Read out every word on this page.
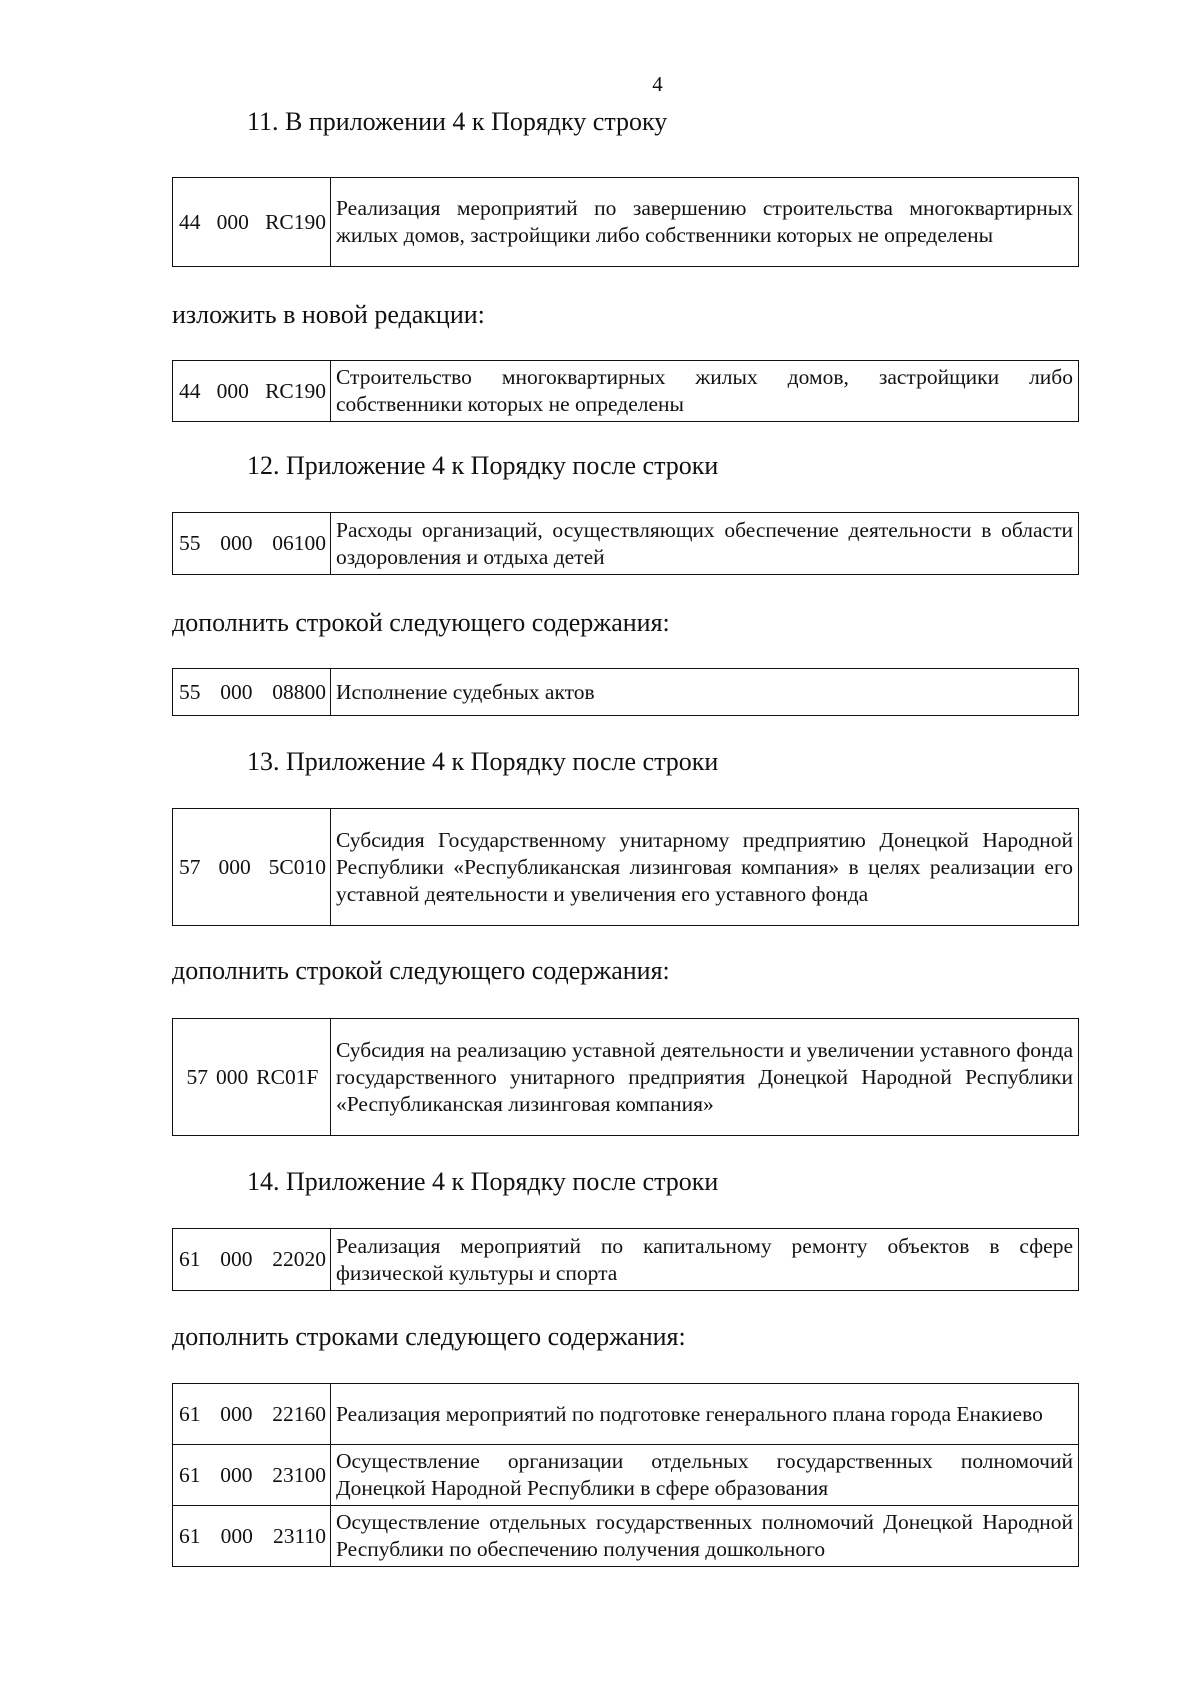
4
11. В приложении 4 к Порядку строку
44 000 RC190
	Реализация мероприятий по завершению строительства многоквартирных жилых домов, застройщики либо собственники которых не определены
изложить в новой редакции:
44 000 RC190
	Строительство многоквартирных жилых домов, застройщики либо собственники которых не определены
12. Приложение 4 к Порядку после строки
55 000 06100
	Расходы организаций, осуществляющих обеспечение деятельности в области оздоровления и отдыха детей
дополнить строкой следующего содержания:
55 000 08800	Исполнение судебных актов
13. Приложение 4 к Порядку после строки
57 000 5С010
	Субсидия Государственному унитарному предприятию Донецкой Народной Республики «Республиканская лизинговая компания» в целях реализации его уставной деятельности и увеличения его уставного фонда
дополнить строкой следующего содержания:
57 000 RC01F
	Субсидия на реализацию уставной деятельности и увеличении уставного фонда государственного унитарного предприятия Донецкой Народной Республики «Республиканская лизинговая компания»
14. Приложение 4 к Порядку после строки
61 000 22020
	Реализация мероприятий по капитальному ремонту объектов в сфере физической культуры и спорта
дополнить строками следующего содержания:
61 000 22160	Реализация мероприятий по подготовке генерального плана города Енакиево

61 000 23100	Осуществление организации отдельных государственных полномочий Донецкой Народной Республики в сфере образования

61 000 23110	Осуществление отдельных государственных полномочий Донецкой Народной Республики по обеспечению получения дошкольного
